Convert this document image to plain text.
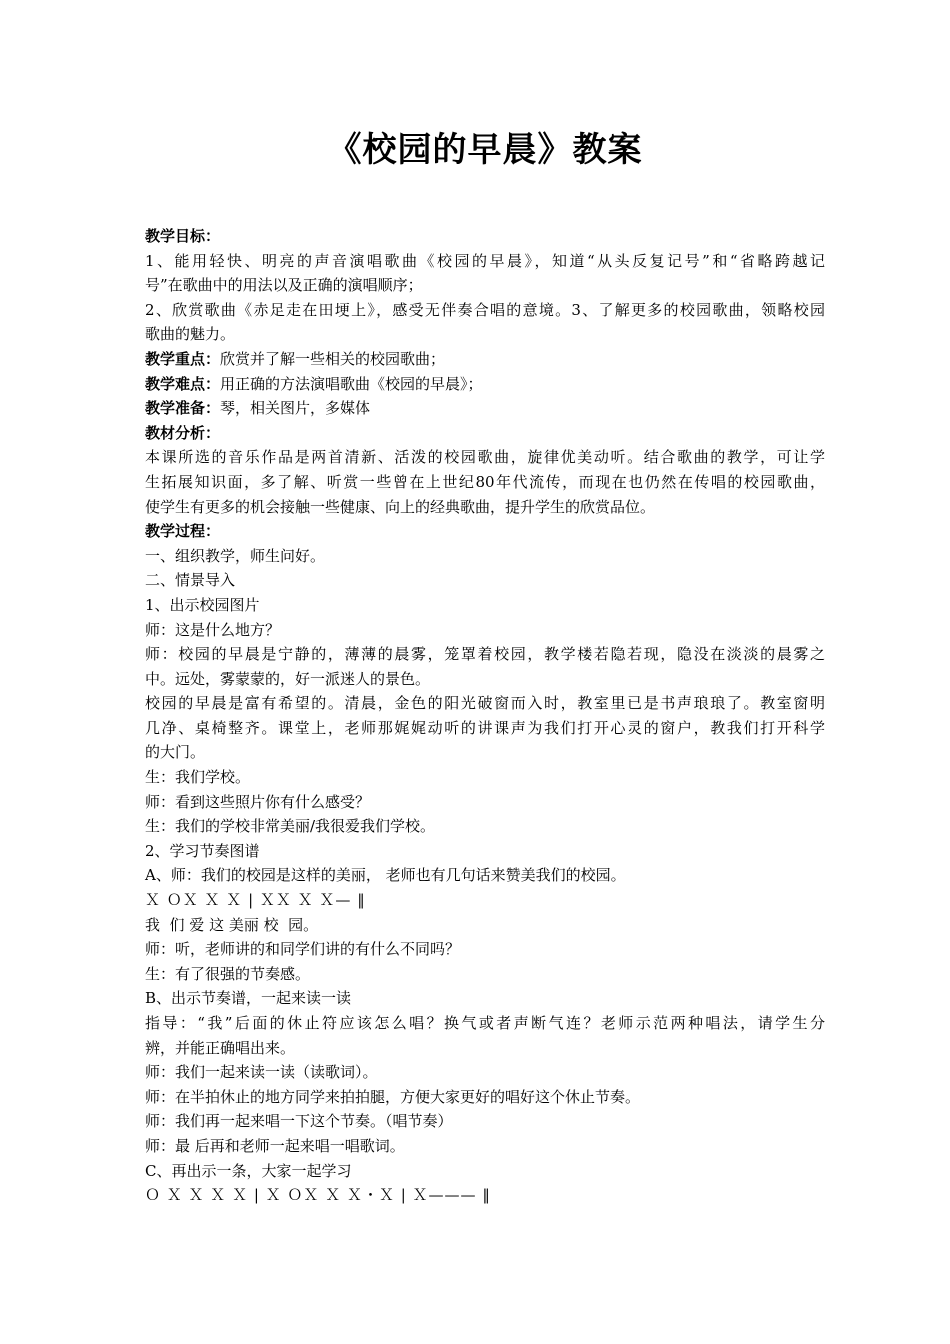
《校园的早晨》教案
教学目标：
1、能用轻快、明亮的声音演唱歌曲《校园的早晨》，知道“从头反复记号”和“省略跨越记
号”在歌曲中的用法以及正确的演唱顺序；
2、欣赏歌曲《赤足走在田埂上》，感受无伴奏合唱的意境。3、了解更多的校园歌曲，领略校园
歌曲的魅力。
教学重点：欣赏并了解一些相关的校园歌曲；
教学难点：用正确的方法演唱歌曲《校园的早晨》；
教学准备：琴，相关图片，多媒体
教材分析：
本课所选的音乐作品是两首清新、活泼的校园歌曲，旋律优美动听。结合歌曲的教学，可让学
生拓展知识面，多了解、听赏一些曾在上世纪80年代流传，而现在也仍然在传唱的校园歌曲，
使学生有更多的机会接触一些健康、向上的经典歌曲，提升学生的欣赏品位。
教学过程：
一、组织教学，师生问好。
二、情景导入
1、出示校园图片
师：这是什么地方？
师：校园的早晨是宁静的，薄薄的晨雾，笼罩着校园，教学楼若隐若现，隐没在淡淡的晨雾之
中。远处，雾蒙蒙的，好一派迷人的景色。
校园的早晨是富有希望的。清晨，金色的阳光破窗而入时，教室里已是书声琅琅了。教室窗明
几净、桌椅整齐。课堂上，老师那娓娓动听的讲课声为我们打开心灵的窗户，教我们打开科学
的大门。
生：我们学校。
师：看到这些照片你有什么感受？
生：我们的学校非常美丽/我很爱我们学校。
2、学习节奏图谱
A、师：我们的校园是这样的美丽， 老师也有几句话来赞美我们的校园。
Ｘ ＯＸ Ｘ Ｘ | ＸＸ Ｘ Ｘ— ‖
我  们 爱 这 美丽 校  园。
师：听，老师讲的和同学们讲的有什么不同吗？
生：有了很强的节奏感。
B、出示节奏谱，一起来读一读
指导：“我”后面的休止符应该怎么唱？换气或者声断气连？老师示范两种唱法，请学生分
辨，并能正确唱出来。
师：我们一起来读一读（读歌词）。
师：在半拍休止的地方同学来拍拍腿，方便大家更好的唱好这个休止节奏。
师：我们再一起来唱一下这个节奏。（唱节奏）
师：最 后再和老师一起来唱一唱歌词。
C、再出示一条，大家一起学习
Ｏ Ｘ Ｘ Ｘ Ｘ | Ｘ ＯＸ Ｘ Ｘ・Ｘ | Ｘ——— ‖
